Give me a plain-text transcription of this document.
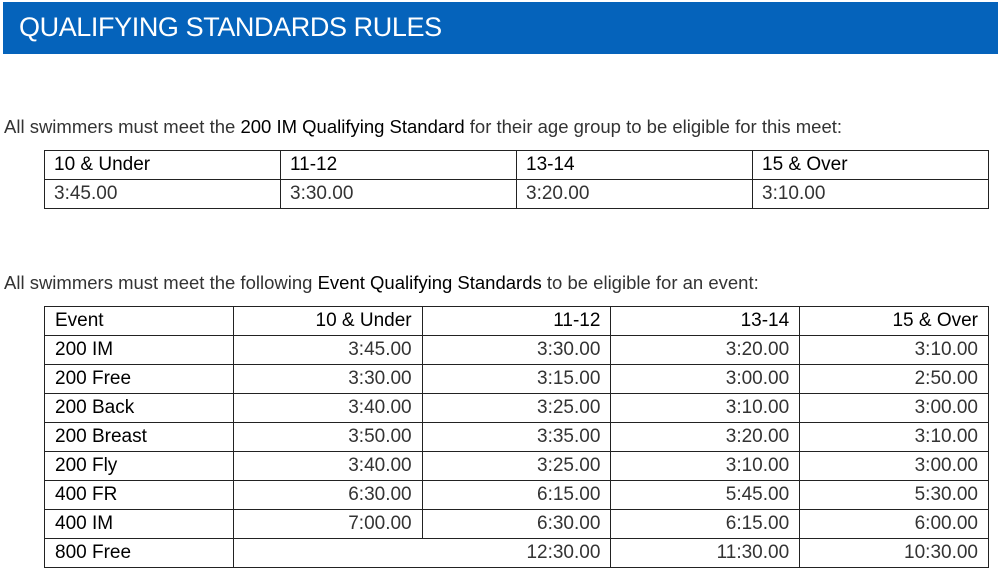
QUALIFYING STANDARDS RULES

All swimmers must meet the 200 IM Qualifying Standard for their age group to be eligible for this meet:

10 & Under	11-12	13-14	15 & Over
3:45.00	3:30.00	3:20.00	3:10.00

All swimmers must meet the following Event Qualifying Standards to be eligible for an event:

Event	10 & Under	11-12	13-14	15 & Over
200 IM	3:45.00	3:30.00	3:20.00	3:10.00
200 Free	3:30.00	3:15.00	3:00.00	2:50.00
200 Back	3:40.00	3:25.00	3:10.00	3:00.00
200 Breast	3:50.00	3:35.00	3:20.00	3:10.00
200 Fly	3:40.00	3:25.00	3:10.00	3:00.00
400 FR	6:30.00	6:15.00	5:45.00	5:30.00
400 IM	7:00.00	6:30.00	6:15.00	6:00.00
800 Free		12:30.00	11:30.00	10:30.00
